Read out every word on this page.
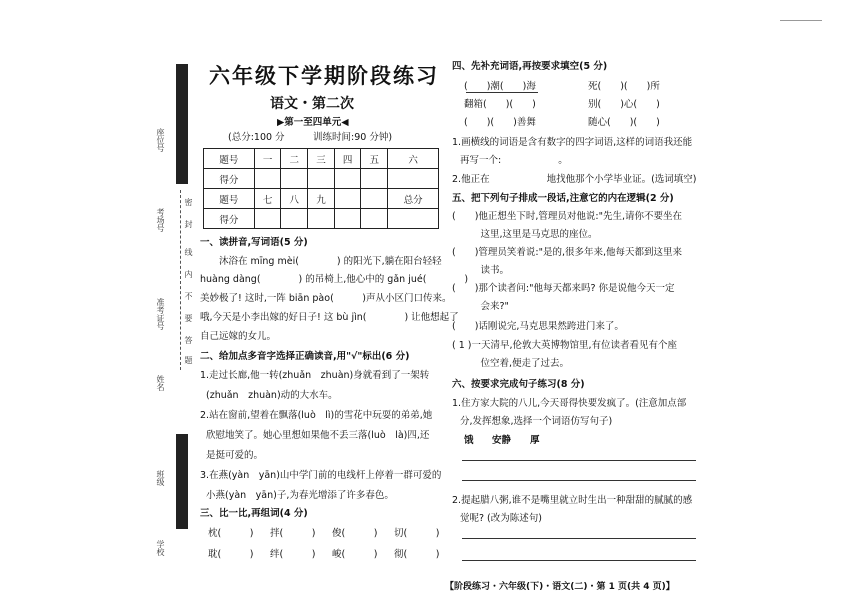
密
封
线
内
不
要
答
题
座位号
考场号
准考证号
姓名
班级
学校
六年级下学期阶段练习
语文・第二次
▶第一至四单元◀
(总分:100 分　　　训练时间:90 分钟)
题号	一	二	三	四	五	六
得分						
题号	七	八	九			总分
得分						
一、读拼音,写词语(5 分)
　　沐浴在 mīng mèi(　　　　) 的阳光下,躺在阳台轻轻
huàng dàng(　　　　) 的吊椅上,他心中的 gǎn jué(　　　　)
美妙极了! 这时,一阵 biān pào(　　　)声从小区门口传来。
哦,今天是小李出嫁的好日子! 这 bù jìn(　　　　) 让他想起了
自己远嫁的女儿。
二、给加点多音字选择正确读音,用"√"标出(6 分)
1.走过长廊,他一转(zhuǎn　zhuàn)身就看到了一架转
(zhuǎn　zhuàn)动的大水车。
2.站在窗前,望着在飘落(luò　lì)的雪花中玩耍的弟弟,她
欣慰地笑了。她心里想如果他不丢三落(luò　là)四,还
是挺可爱的。
3.在燕(yàn　yān)山中学门前的电线杆上停着一群可爱的
小燕(yàn　yān)子,为春光增添了许多春色。
三、比一比,再组词(4 分)
枕(　　　) 拌(　　　) 俊(　　　) 切(　　　)
耽(　　　) 绊(　　　) 峻(　　　) 彻(　　　)
四、先补充词语,再按要求填空(5 分)
(　　)潮(　　)海	死(　　)(　　)所
翻箱(　　)(　　)	别(　　)心(　　)
(　　)(　　)善舞	随心(　　)(　　)
1.画横线的词语是含有数字的四字词语,这样的词语我还能
再写一个:　　　　　　。
2.他正在　　　　　　地找他那个小学毕业证。(选词填空)
五、把下列句子排成一段话,注意它的内在逻辑(2 分)
(　　)他正想坐下时,管理员对他说:"先生,请你不要坐在
　　　这里,这里是马克思的座位。
(　　)管理员笑着说:"是的,很多年来,他每天都到这里来
　　　读书。
(　　)那个读者问:"他每天都来吗? 你是说他今天一定
　　　会来?"
(　　)话刚说完,马克思果然跨进门来了。
( 1 )一天清早,伦敦大英博物馆里,有位读者看见有个座
　　　位空着,便走了过去。
六、按要求完成句子练习(8 分)
1.住方家大院的八儿,今天哥得快要发疯了。(注意加点部
分,发挥想象,选择一个词语仿写句子)
饿 安静 厚
2.提起腊八粥,谁不是嘴里就立时生出一种甜甜的腻腻的感
觉呢? (改为陈述句)
【阶段练习・六年级(下)・语文(二)・第 1 页(共 4 页)】
